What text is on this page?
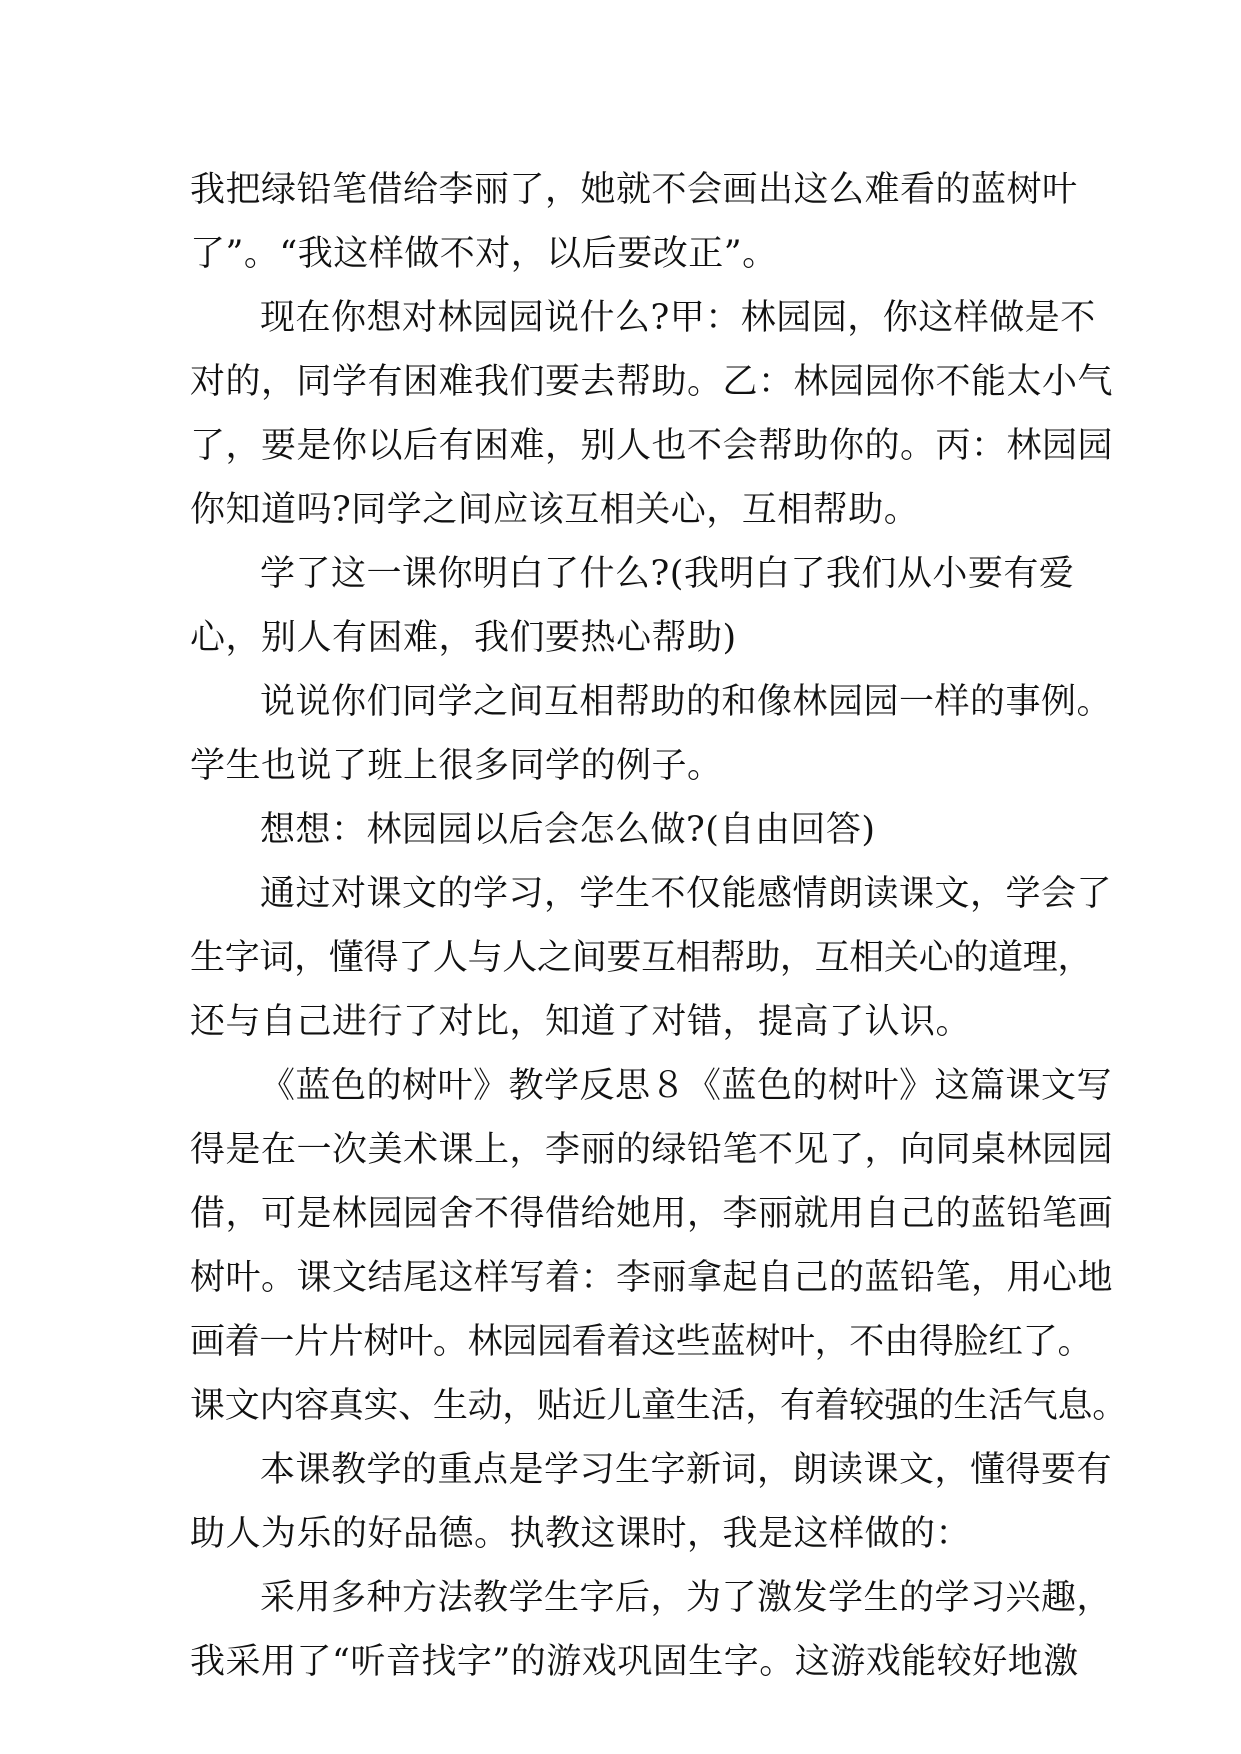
我把绿铅笔借给李丽了，她就不会画出这么难看的蓝树叶
了”。“我这样做不对，以后要改正”。
现在你想对林园园说什么?甲：林园园，你这样做是不
对的，同学有困难我们要去帮助。乙：林园园你不能太小气
了，要是你以后有困难，别人也不会帮助你的。丙：林园园
你知道吗?同学之间应该互相关心，互相帮助。
学了这一课你明白了什么?(我明白了我们从小要有爱
心，别人有困难，我们要热心帮助)
说说你们同学之间互相帮助的和像林园园一样的事例。
学生也说了班上很多同学的例子。
想想：林园园以后会怎么做?(自由回答)
通过对课文的学习，学生不仅能感情朗读课文，学会了
生字词，懂得了人与人之间要互相帮助，互相关心的道理，
还与自己进行了对比，知道了对错，提高了认识。
《蓝色的树叶》教学反思８《蓝色的树叶》这篇课文写
得是在一次美术课上，李丽的绿铅笔不见了，向同桌林园园
借，可是林园园舍不得借给她用，李丽就用自己的蓝铅笔画
树叶。课文结尾这样写着：李丽拿起自己的蓝铅笔，用心地
画着一片片树叶。林园园看着这些蓝树叶，不由得脸红了。
课文内容真实、生动，贴近儿童生活，有着较强的生活气息。
本课教学的重点是学习生字新词，朗读课文，懂得要有
助人为乐的好品德。执教这课时，我是这样做的：
采用多种方法教学生字后，为了激发学生的学习兴趣，
我采用了“听音找字”的游戏巩固生字。这游戏能较好地激
